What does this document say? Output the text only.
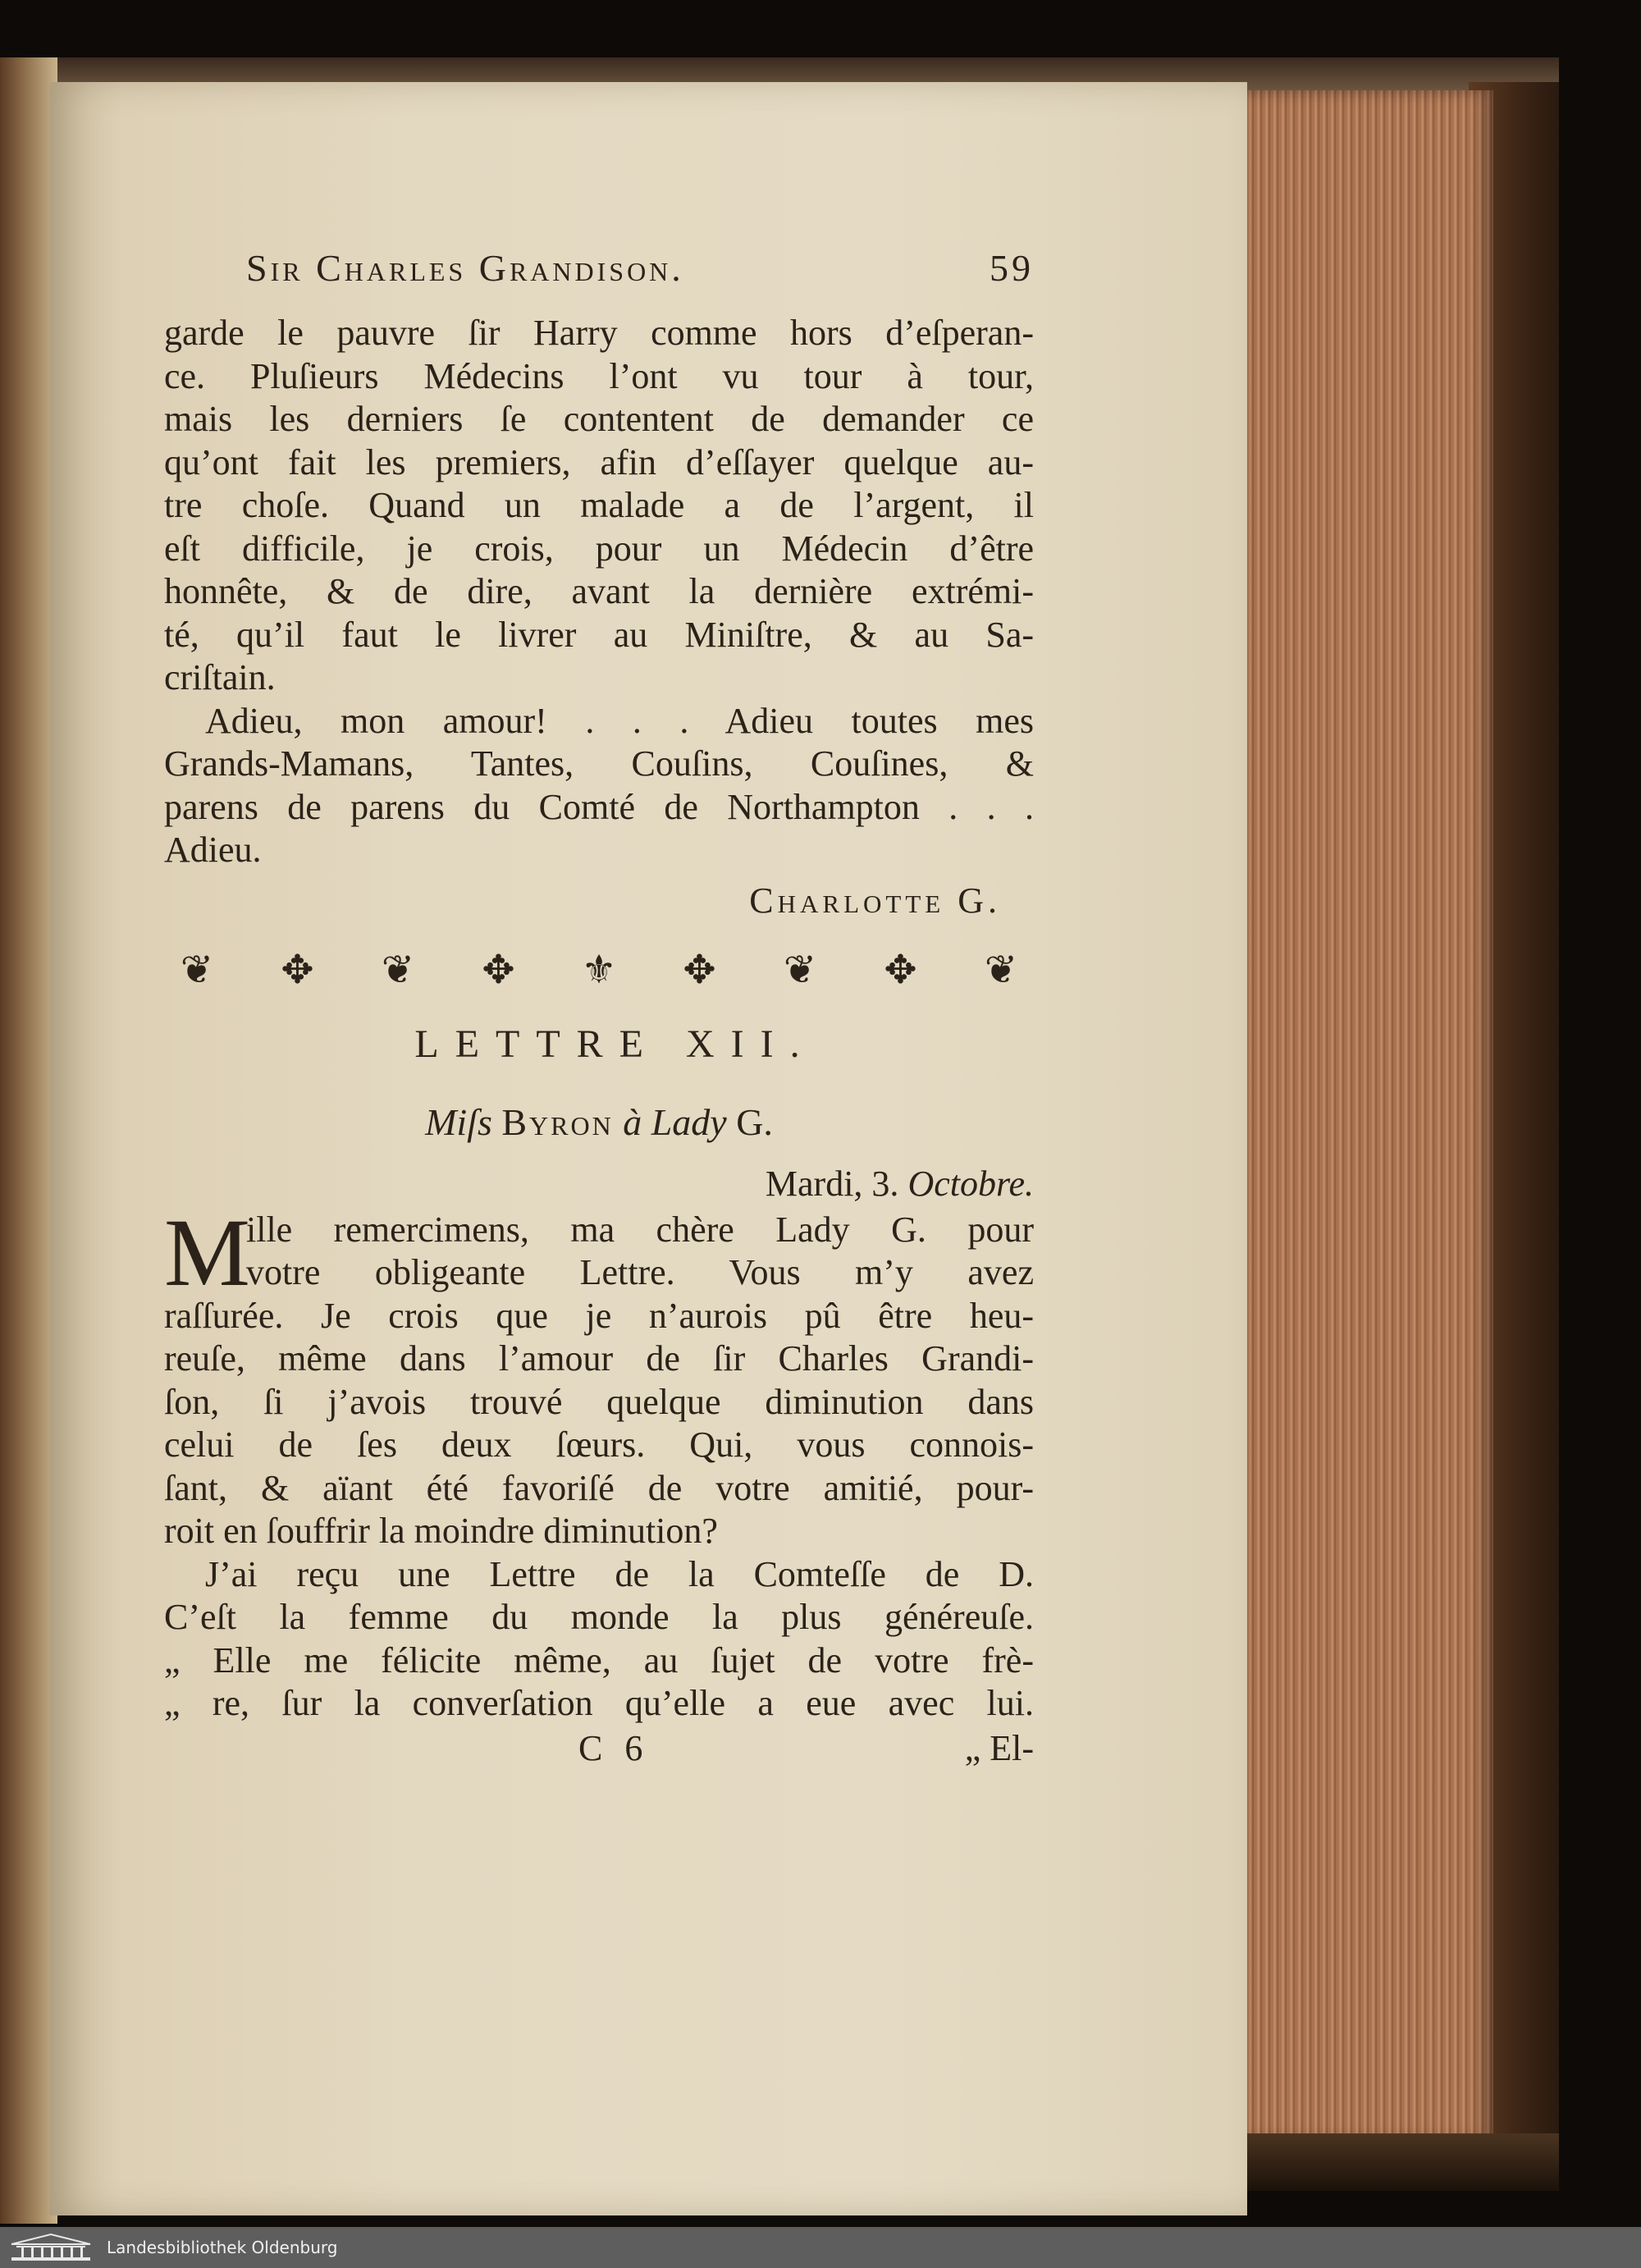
Sir Charles Grandison.	59
garde le pauvre ſir Harry comme hors d’eſperan-
ce. Pluſieurs Médecins l’ont vu tour à tour,
mais les derniers ſe contentent de demander ce
qu’ont fait les premiers, afin d’eſſayer quelque au-
tre choſe. Quand un malade a de l’argent, il
eſt difficile, je crois, pour un Médecin d’être
honnête, & de dire, avant la dernière extrémi-
té, qu’il faut le livrer au Miniſtre, & au Sa-
criſtain.
Adieu, mon amour! . . . Adieu toutes mes
Grands-Mamans, Tantes, Couſins, Couſines, &
parens de parens du Comté de Northampton . . .
Adieu.
Charlotte G.
❦	✥	❦	✥	⚜	✥	❦	✥	❦
LETTRE XII.
Miſs Byron à Lady G.
Mardi, 3. Octobre.
M
ille remercimens, ma chère Lady G. pour
votre obligeante Lettre. Vous m’y avez
raſſurée. Je crois que je n’aurois pû être heu-
reuſe, même dans l’amour de ſir Charles Grandi-
ſon, ſi j’avois trouvé quelque diminution dans
celui de ſes deux ſœurs. Qui, vous connois-
ſant, & aïant été favoriſé de votre amitié, pour-
roit en ſouffrir la moindre diminution?
J’ai reçu une Lettre de la Comteſſe de D.
C’eſt la femme du monde la plus généreuſe.
„ Elle me félicite même, au ſujet de votre frè-
„ re, ſur la converſation qu’elle a eue avec lui.
C 6	„ El-
Landesbibliothek Oldenburg
